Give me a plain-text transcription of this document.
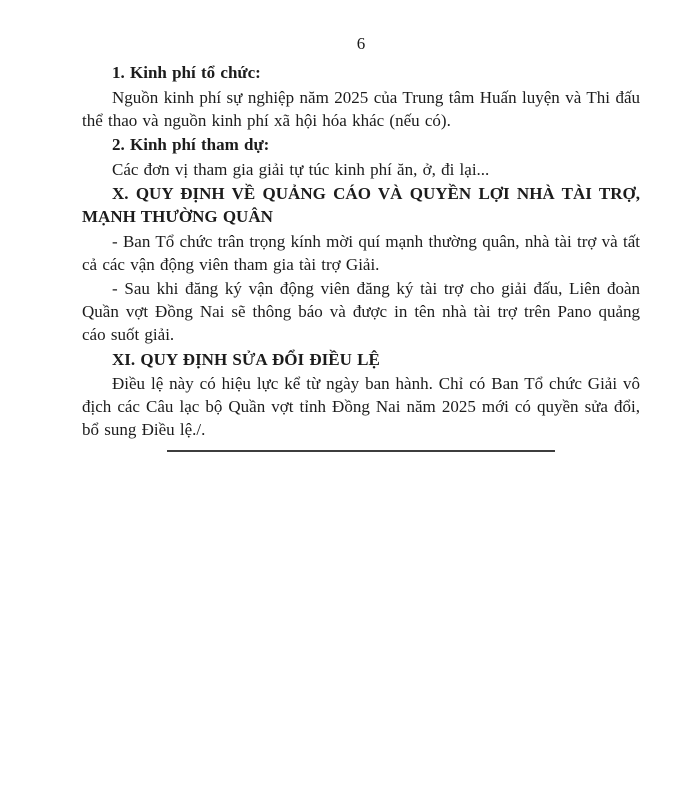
6

1. Kinh phí tổ chức:

Nguồn kinh phí sự nghiệp năm 2025 của Trung tâm Huấn luyện và Thi đấu thể thao và nguồn kinh phí xã hội hóa khác (nếu có).

2. Kinh phí tham dự:

Các đơn vị tham gia giải tự túc kinh phí ăn, ở, đi lại...

X. QUY ĐỊNH VỀ QUẢNG CÁO VÀ QUYỀN LỢI NHÀ TÀI TRỢ, MẠNH THƯỜNG QUÂN

- Ban Tổ chức trân trọng kính mời quí mạnh thường quân, nhà tài trợ và tất cả các vận động viên tham gia tài trợ Giải.

- Sau khi đăng ký vận động viên đăng ký tài trợ cho giải đấu, Liên đoàn Quần vợt Đồng Nai sẽ thông báo và được in tên nhà tài trợ trên Pano quảng cáo suốt giải.

XI. QUY ĐỊNH SỬA ĐỔI ĐIỀU LỆ

Điều lệ này có hiệu lực kể từ ngày ban hành. Chỉ có Ban Tổ chức Giải vô địch các Câu lạc bộ Quần vợt tỉnh Đồng Nai năm 2025 mới có quyền sửa đổi, bổ sung Điều lệ./.
